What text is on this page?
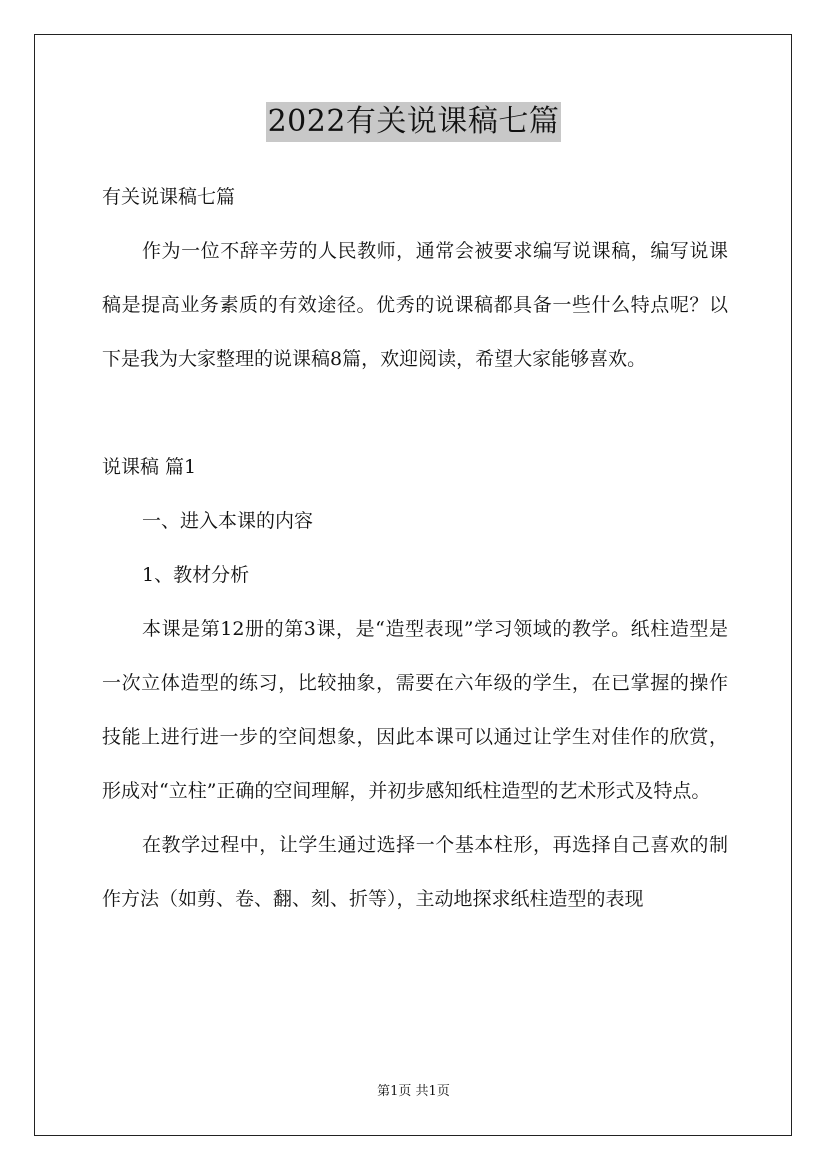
2022有关说课稿七篇

有关说课稿七篇

作为一位不辞辛劳的人民教师，通常会被要求编写说课稿，编写说课稿是提高业务素质的有效途径。优秀的说课稿都具备一些什么特点呢？以下是我为大家整理的说课稿8篇，欢迎阅读，希望大家能够喜欢。

说课稿 篇1

一、进入本课的内容

1、教材分析

本课是第12册的第3课，是“造型表现”学习领域的教学。纸柱造型是一次立体造型的练习，比较抽象，需要在六年级的学生，在已掌握的操作技能上进行进一步的空间想象，因此本课可以通过让学生对佳作的欣赏，形成对“立柱”正确的空间理解，并初步感知纸柱造型的艺术形式及特点。

在教学过程中，让学生通过选择一个基本柱形，再选择自己喜欢的制作方法（如剪、卷、翻、刻、折等），主动地探求纸柱造型的表现

第1页 共1页
